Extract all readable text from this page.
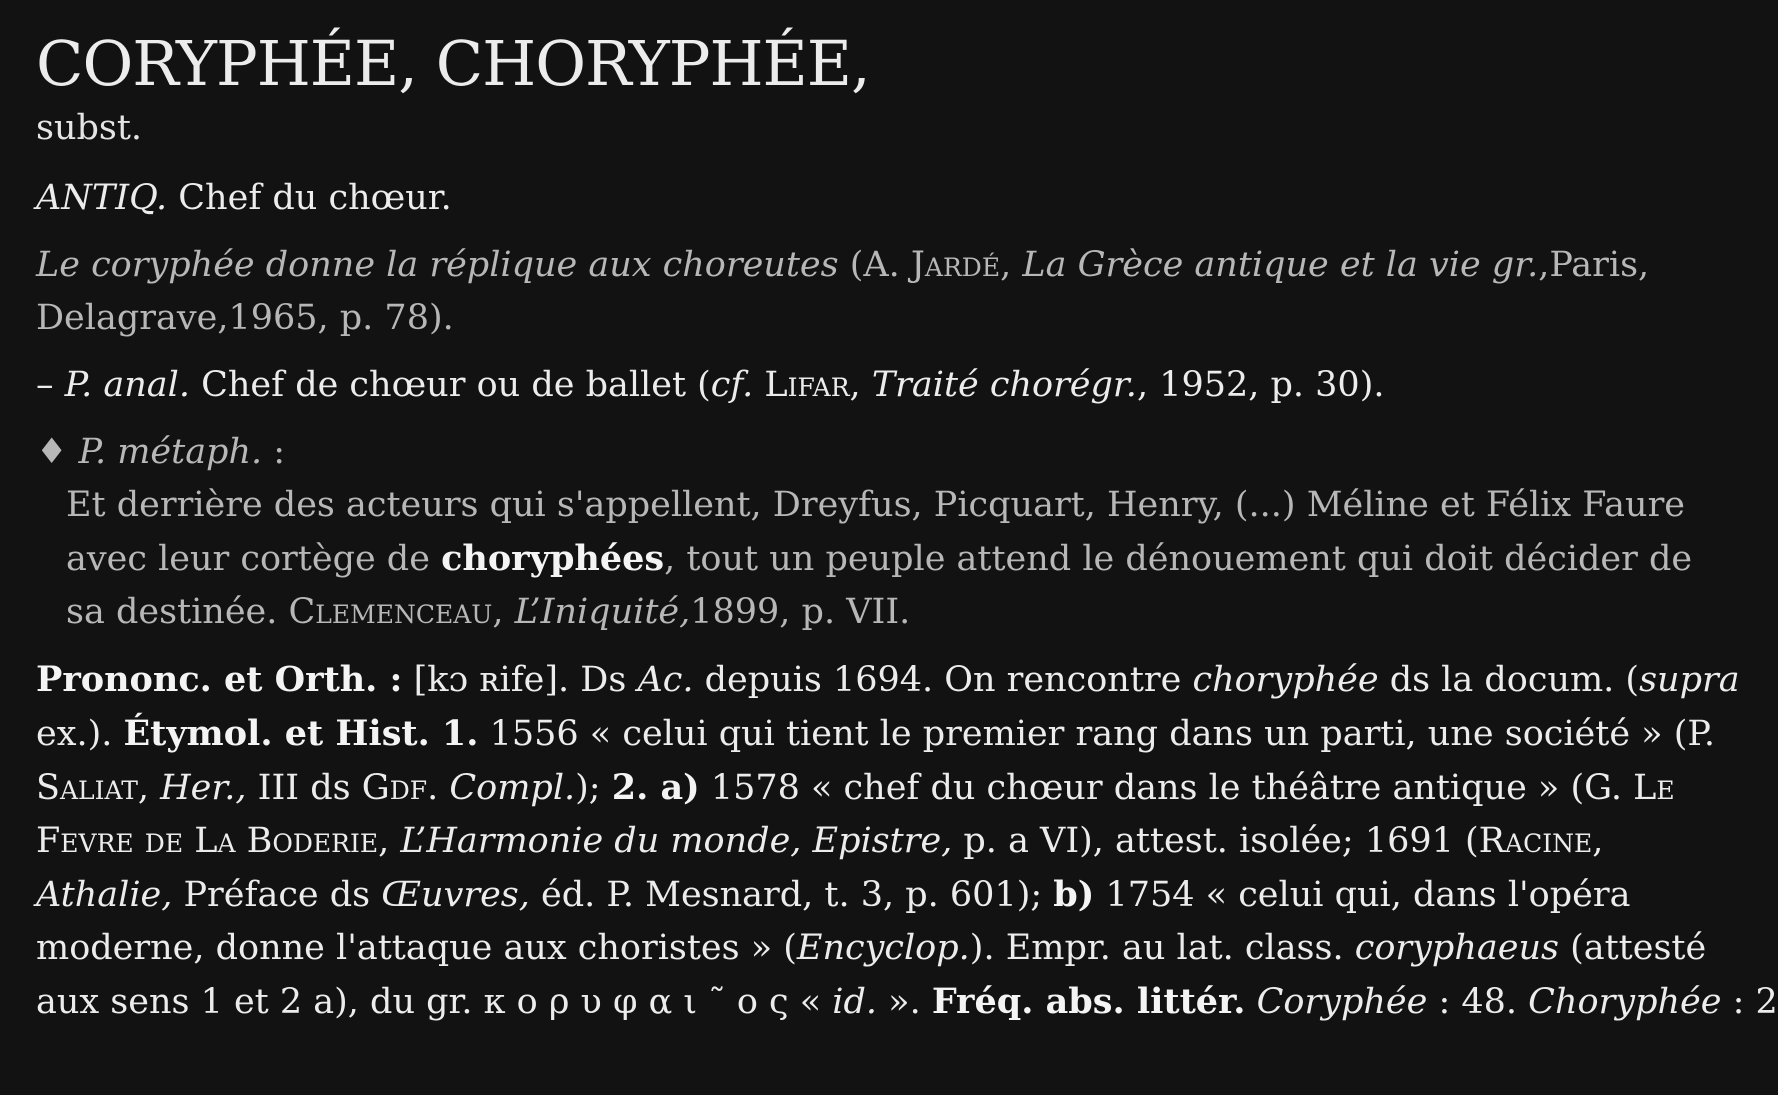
CORYPHÉE, CHORYPHÉE,
subst.
ANTIQ. Chef du chœur.
Le coryphée donne la réplique aux choreutes (A. Jardé, La Grèce antique et la vie gr.,Paris,
Delagrave,1965, p. 78).
– P. anal. Chef de chœur ou de ballet (cf. Lifar, Traité chorégr., 1952, p. 30).
♦ P. métaph. :
Et derrière des acteurs qui s'appellent, Dreyfus, Picquart, Henry, (...) Méline et Félix Faure
avec leur cortège de choryphées, tout un peuple attend le dénouement qui doit décider de
sa destinée. Clemenceau, L’Iniquité,1899, p. VII.
Prononc. et Orth. : [kɔ ʀife]. Ds Ac. depuis 1694. On rencontre choryphée ds la docum. (supra
ex.). Étymol. et Hist. 1. 1556 « celui qui tient le premier rang dans un parti, une société » (P.
Saliat, Her., III ds Gdf. Compl.); 2. a) 1578 « chef du chœur dans le théâtre antique » (G. Le
Fevre de La Boderie, L’Harmonie du monde, Epistre, p. a VI), attest. isolée; 1691 (Racine,
Athalie, Préface ds Œuvres, éd. P. Mesnard, t. 3, p. 601); b) 1754 « celui qui, dans l'opéra
moderne, donne l'attaque aux choristes » (Encyclop.). Empr. au lat. class. coryphaeus (attesté
aux sens 1 et 2 a), du gr. κ ο ρ υ φ α ι ˜ ο ς « id. ». Fréq. abs. littér. Coryphée : 48. Choryphée : 2
